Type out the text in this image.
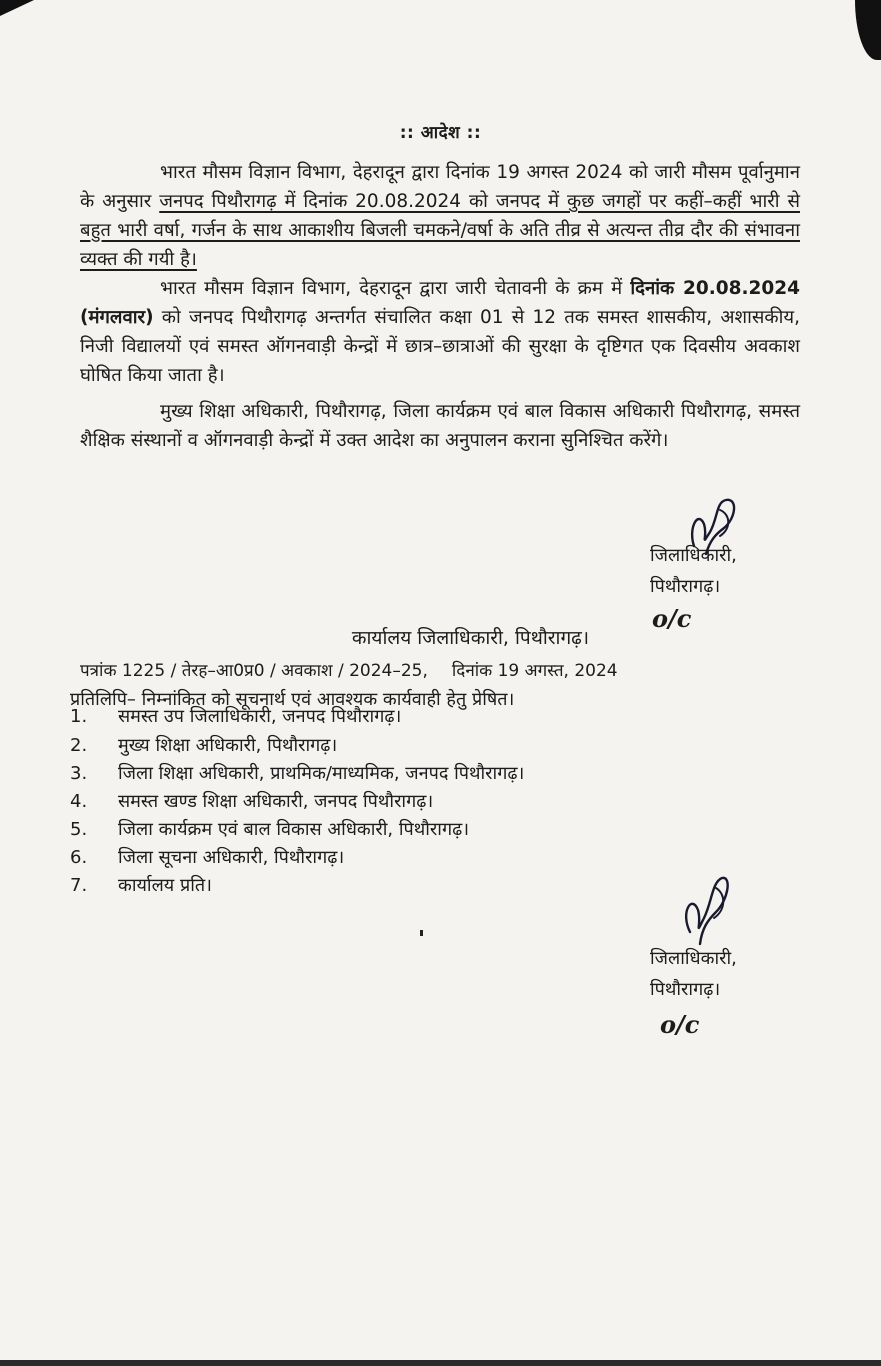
:: आदेश ::

भारत मौसम विज्ञान विभाग, देहरादून द्वारा दिनांक 19 अगस्त 2024 को जारी मौसम पूर्वानुमान के अनुसार जनपद पिथौरागढ़ में दिनांक 20.08.2024 को जनपद में कुछ जगहों पर कहीं–कहीं भारी से बहुत भारी वर्षा, गर्जन के साथ आकाशीय बिजली चमकने/वर्षा के अति तीव्र से अत्यन्त तीव्र दौर की संभावना व्यक्त की गयी है।

भारत मौसम विज्ञान विभाग, देहरादून द्वारा जारी चेतावनी के क्रम में दिनांक 20.08.2024 (मंगलवार) को जनपद पिथौरागढ़ अन्तर्गत संचालित कक्षा 01 से 12 तक समस्त शासकीय, अशासकीय, निजी विद्यालयों एवं समस्त ऑगनवाड़ी केन्द्रों में छात्र–छात्राओं की सुरक्षा के दृष्टिगत एक दिवसीय अवकाश घोषित किया जाता है।

मुख्य शिक्षा अधिकारी, पिथौरागढ़, जिला कार्यक्रम एवं बाल विकास अधिकारी पिथौरागढ़, समस्त शैक्षिक संस्थानों व ऑगनवाड़ी केन्द्रों में उक्त आदेश का अनुपालन कराना सुनिश्चित करेंगे।

जिलाधिकारी,
पिथौरागढ़।
o/c
कार्यालय जिलाधिकारी, पिथौरागढ़।
पत्रांक 1225 / तेरह–आ0प्र0 / अवकाश / 2024–25, दिनांक 19 अगस्त, 2024
प्रतिलिपि– निम्नांकित को सूचनार्थ एवं आवश्यक कार्यवाही हेतु प्रेषित।
1. समस्त उप जिलाधिकारी, जनपद पिथौरागढ़।
2. मुख्य शिक्षा अधिकारी, पिथौरागढ़।
3. जिला शिक्षा अधिकारी, प्राथमिक/माध्यमिक, जनपद पिथौरागढ़।
4. समस्त खण्ड शिक्षा अधिकारी, जनपद पिथौरागढ़।
5. जिला कार्यक्रम एवं बाल विकास अधिकारी, पिथौरागढ़।
6. जिला सूचना अधिकारी, पिथौरागढ़।
7. कार्यालय प्रति।
जिलाधिकारी,
पिथौरागढ़।
o/c
